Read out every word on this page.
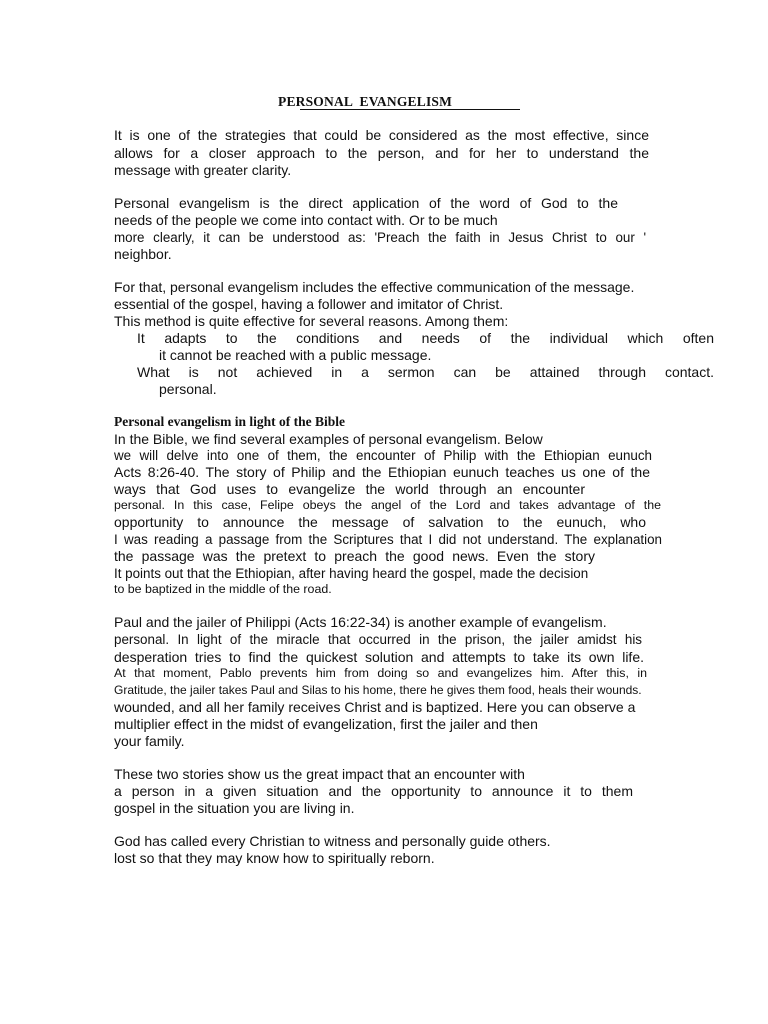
PERSONAL  EVANGELISM
It is one of the strategies that could be considered as the most effective, since
allows for a closer approach to the person, and for her to understand the
message with greater clarity.
Personal evangelism is the direct application of the word of God to the
needs of the people we come into contact with. Or to be much
more clearly, it can be understood as: 'Preach the faith in Jesus Christ to our '
neighbor.
For that, personal evangelism includes the effective communication of the message.
essential of the gospel, having a follower and imitator of Christ.
This method is quite effective for several reasons. Among them:
It adapts to the conditions and needs of the individual which often
it cannot be reached with a public message.
What is not achieved in a sermon can be attained through contact.
personal.
Personal evangelism in light of the Bible
In the Bible, we find several examples of personal evangelism. Below
we will delve into one of them, the encounter of Philip with the Ethiopian eunuch
Acts 8:26-40. The story of Philip and the Ethiopian eunuch teaches us one of the
ways that God uses to evangelize the world through an encounter
personal. In this case, Felipe obeys the angel of the Lord and takes advantage of the
opportunity to announce the message of salvation to the eunuch, who
I was reading a passage from the Scriptures that I did not understand. The explanation
the passage was the pretext to preach the good news. Even the story
It points out that the Ethiopian, after having heard the gospel, made the decision
to be baptized in the middle of the road.
Paul and the jailer of Philippi (Acts 16:22-34) is another example of evangelism.
personal. In light of the miracle that occurred in the prison, the jailer amidst his
desperation tries to find the quickest solution and attempts to take its own life.
At that moment, Pablo prevents him from doing so and evangelizes him. After this, in
Gratitude, the jailer takes Paul and Silas to his home, there he gives them food, heals their wounds.
wounded, and all her family receives Christ and is baptized. Here you can observe a
multiplier effect in the midst of evangelization, first the jailer and then
your family.
These two stories show us the great impact that an encounter with
a person in a given situation and the opportunity to announce it to them
gospel in the situation you are living in.
God has called every Christian to witness and personally guide others.
lost so that they may know how to spiritually reborn.
